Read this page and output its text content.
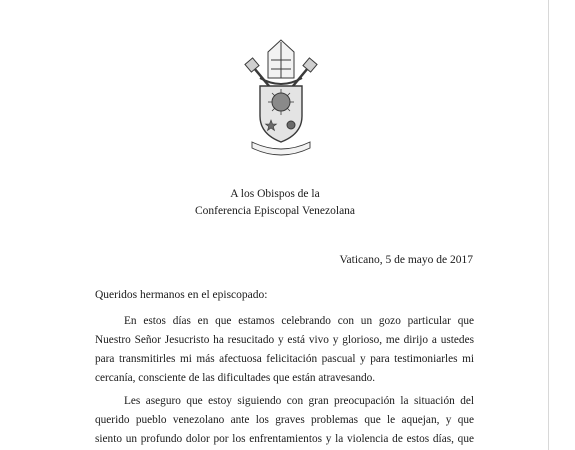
A los Obispos de la
Conferencia Episcopal Venezolana
Vaticano, 5 de mayo de 2017
Queridos hermanos en el episcopado:
En estos días en que estamos celebrando con un gozo particular que
Nuestro Señor Jesucristo ha resucitado y está vivo y glorioso, me dirijo a ustedes
para transmitirles mi más afectuosa felicitación pascual y para testimoniarles mi
cercanía, consciente de las dificultades que están atravesando.
Les aseguro que estoy siguiendo con gran preocupación la situación del
querido pueblo venezolano ante los graves problemas que le aquejan, y que
siento un profundo dolor por los enfrentamientos y la violencia de estos días, que
